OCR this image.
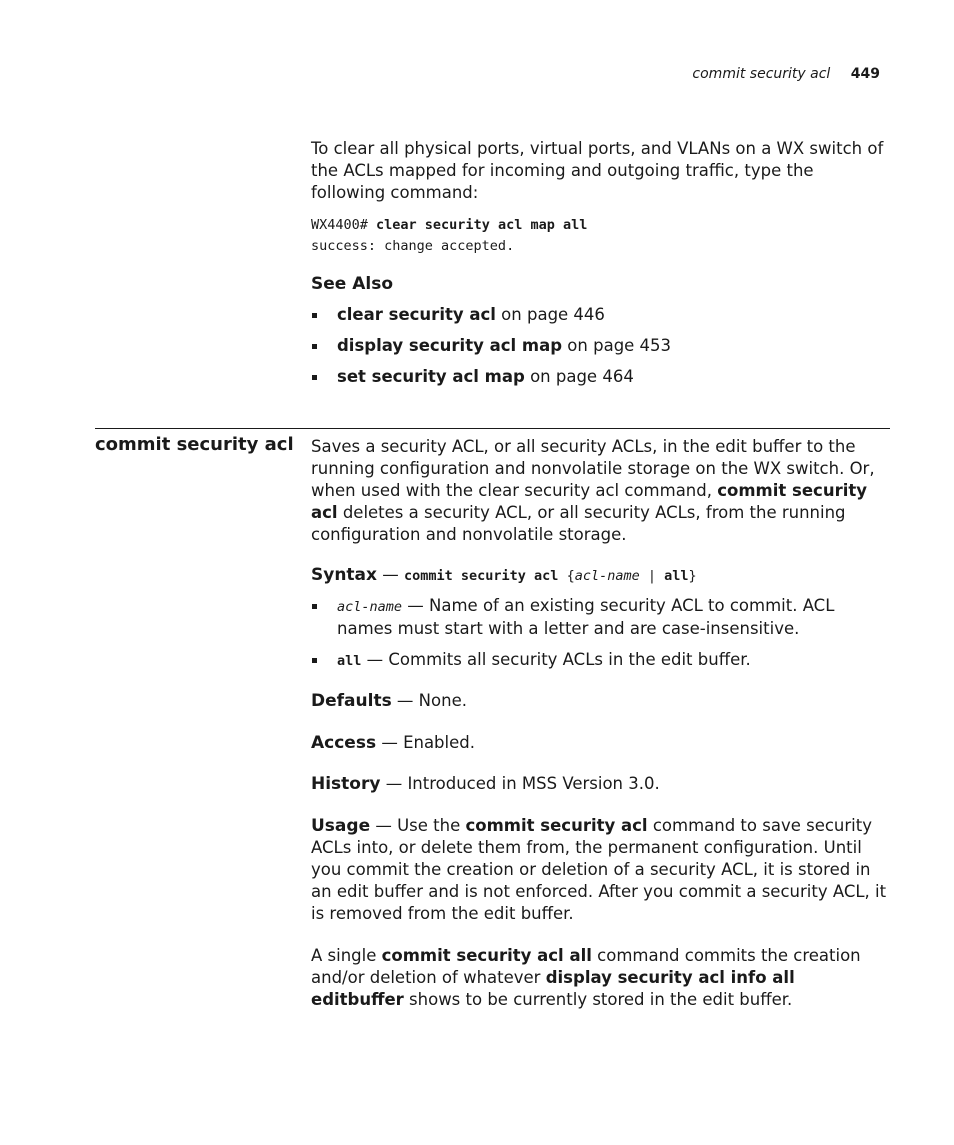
commit security acl 449

To clear all physical ports, virtual ports, and VLANs on a WX switch of the ACLs mapped for incoming and outgoing traffic, type the following command:

WX4400# clear security acl map all
success: change accepted.

See Also

clear security acl on page 446
display security acl map on page 453
set security acl map on page 464
commit security acl Saves a security ACL, or all security ACLs, in the edit buffer to the running configuration and nonvolatile storage on the WX switch. Or, when used with the clear security acl command, commit security acl deletes a security ACL, or all security ACLs, from the running configuration and nonvolatile storage.

Syntax — commit security acl {acl-name | all}

acl-name — Name of an existing security ACL to commit. ACL names must start with a letter and are case-insensitive.
all — Commits all security ACLs in the edit buffer.

Defaults — None.

Access — Enabled.

History — Introduced in MSS Version 3.0.

Usage — Use the commit security acl command to save security ACLs into, or delete them from, the permanent configuration. Until you commit the creation or deletion of a security ACL, it is stored in an edit buffer and is not enforced. After you commit a security ACL, it is removed from the edit buffer.

A single commit security acl all command commits the creation and/or deletion of whatever display security acl info all editbuffer shows to be currently stored in the edit buffer.
